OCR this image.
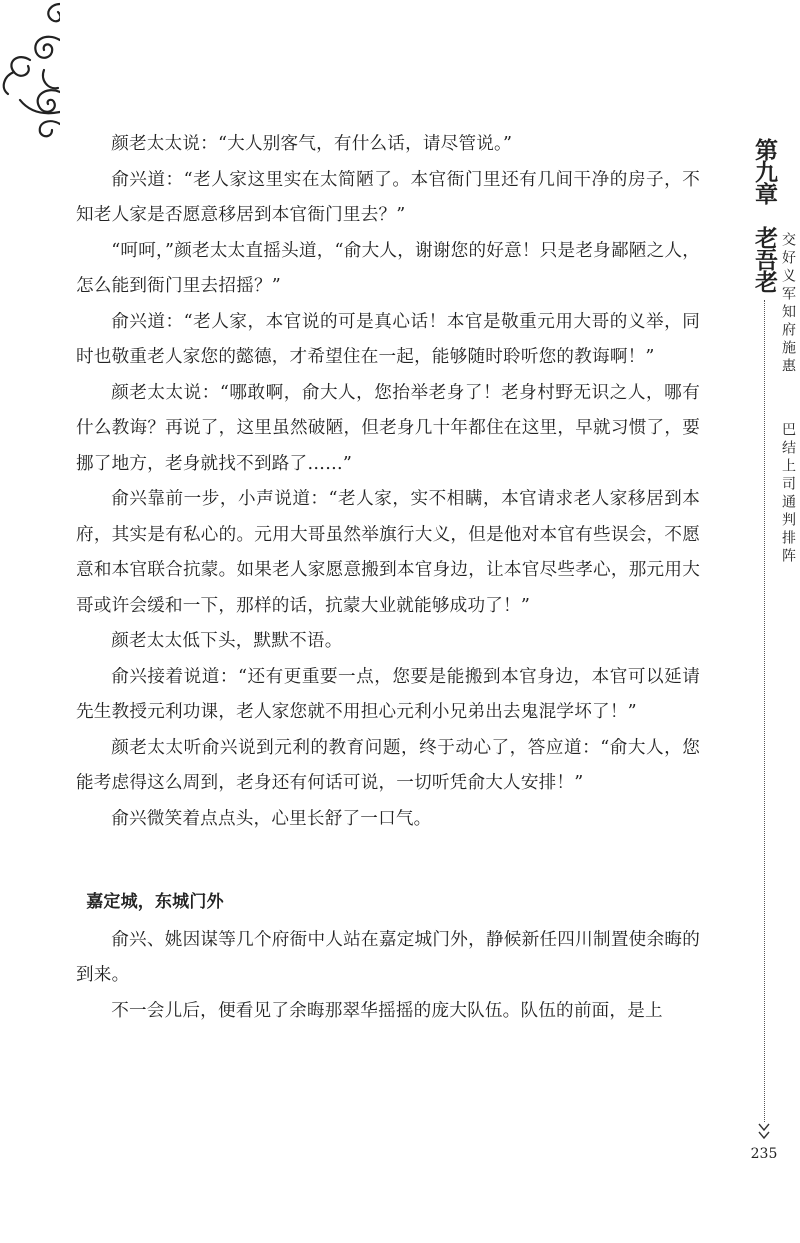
颜老太太说：“大人别客气，有什么话，请尽管说。”

俞兴道：“老人家这里实在太简陋了。本官衙门里还有几间干净的房子，不知老人家是否愿意移居到本官衙门里去？”

“呵呵，”颜老太太直摇头道，“俞大人，谢谢您的好意！只是老身鄙陋之人，怎么能到衙门里去招摇？”

俞兴道：“老人家，本官说的可是真心话！本官是敬重元用大哥的义举，同时也敬重老人家您的懿德，才希望住在一起，能够随时聆听您的教诲啊！”

颜老太太说：“哪敢啊，俞大人，您抬举老身了！老身村野无识之人，哪有什么教诲？再说了，这里虽然破陋，但老身几十年都住在这里，早就习惯了，要挪了地方，老身就找不到路了……”

俞兴靠前一步，小声说道：“老人家，实不相瞒，本官请求老人家移居到本府，其实是有私心的。元用大哥虽然举旗行大义，但是他对本官有些误会，不愿意和本官联合抗蒙。如果老人家愿意搬到本官身边，让本官尽些孝心，那元用大哥或许会缓和一下，那样的话，抗蒙大业就能够成功了！”

颜老太太低下头，默默不语。

俞兴接着说道：“还有更重要一点，您要是能搬到本官身边，本官可以延请先生教授元利功课，老人家您就不用担心元利小兄弟出去鬼混学坏了！”

颜老太太听俞兴说到元利的教育问题，终于动心了，答应道：“俞大人，您能考虑得这么周到，老身还有何话可说，一切听凭俞大人安排！”

俞兴微笑着点点头，心里长舒了一口气。

嘉定城，东城门外

俞兴、姚因谋等几个府衙中人站在嘉定城门外，静候新任四川制置使余晦的到来。

不一会儿后，便看见了余晦那翠华摇摇的庞大队伍。队伍的前面，是上

第九章
老吾老 交好义军知府施惠
巴结上司通判排阵
235
